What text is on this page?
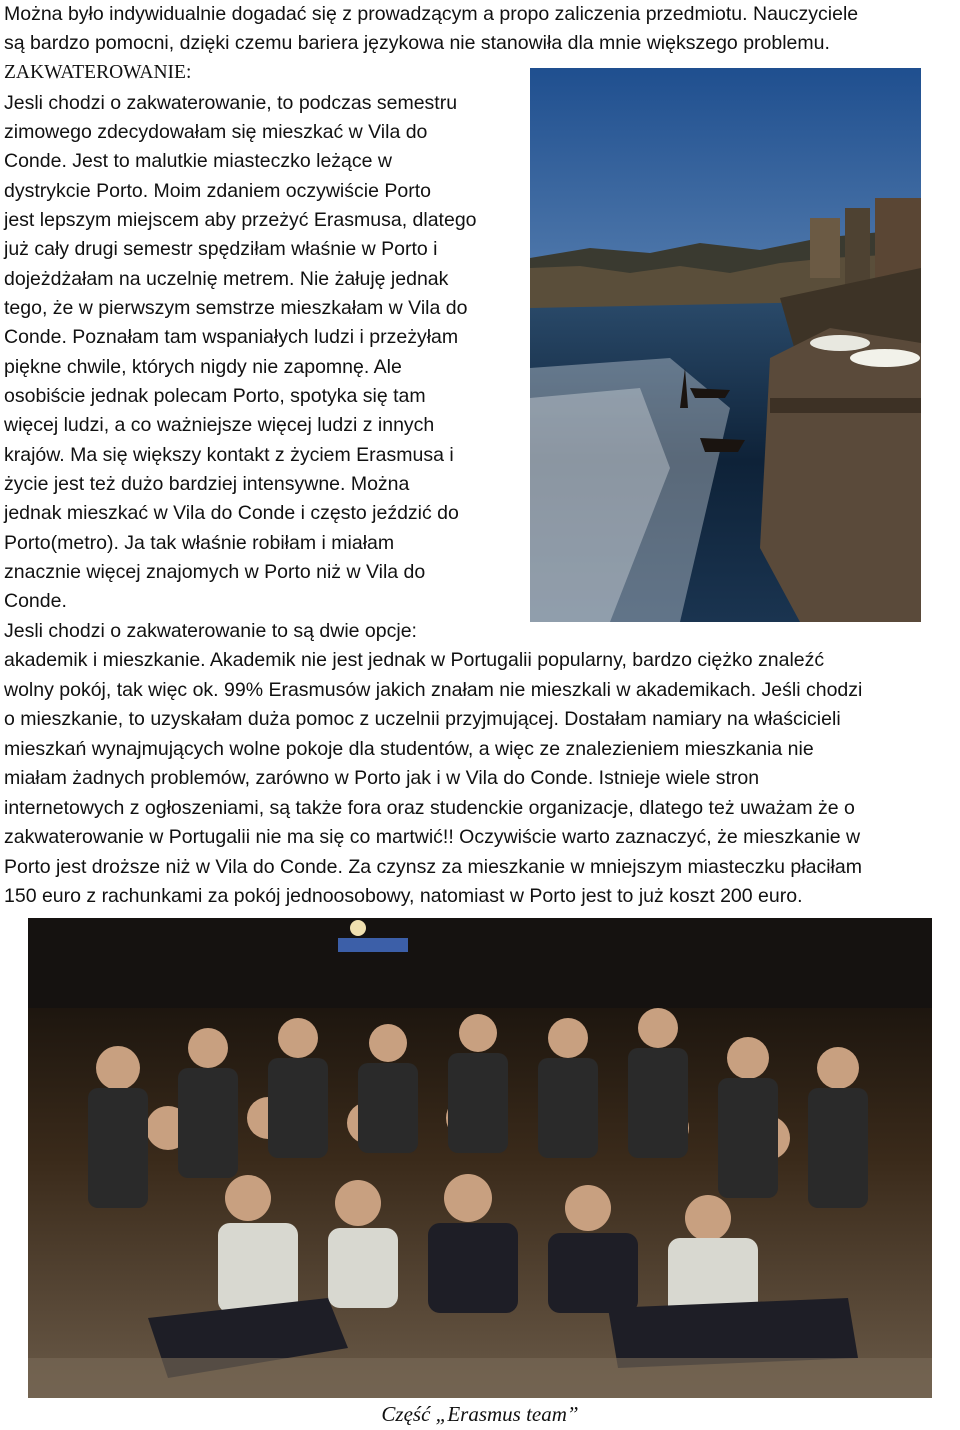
Można było indywidualnie dogadać się z prowadzącym a propo zaliczenia przedmiotu. Nauczyciele
są bardzo pomocni, dzięki czemu bariera językowa nie stanowiła dla mnie większego problemu.
ZAKWATEROWANIE:
Jesli chodzi o zakwaterowanie, to podczas semestru
zimowego zdecydowałam się mieszkać w Vila do
Conde. Jest to malutkie miasteczko leżące w
dystrykcie Porto. Moim zdaniem oczywiście Porto
jest lepszym miejscem aby przeżyć Erasmusa, dlatego
już cały drugi semestr spędziłam właśnie w Porto i
dojeżdżałam na uczelnię metrem. Nie żałuję jednak
tego, że w pierwszym semstrze mieszkałam w Vila do
Conde. Poznałam tam wspaniałych ludzi i przeżyłam
piękne chwile, których nigdy nie zapomnę. Ale
osobiście jednak polecam Porto, spotyka się tam
więcej ludzi, a co ważniejsze więcej ludzi z innych
krajów. Ma się większy kontakt z życiem Erasmusa i
życie jest też dużo bardziej intensywne. Można
jednak mieszkać w Vila do Conde i często jeździć do
Porto(metro). Ja tak właśnie robiłam i miałam
znacznie więcej znajomych w Porto niż w Vila do
Conde.
Jesli chodzi o zakwaterowanie to są dwie opcje:
akademik i mieszkanie. Akademik nie jest jednak w Portugalii popularny, bardzo ciężko znaleźć
wolny pokój, tak więc ok. 99% Erasmusów jakich znałam nie mieszkali w akademikach. Jeśli chodzi
o mieszkanie, to uzyskałam duża pomoc z uczelnii przyjmującej. Dostałam namiary na właścicieli
mieszkań wynajmujących wolne pokoje dla studentów, a więc ze znalezieniem mieszkania nie
miałam żadnych problemów, zarówno w Porto jak i w Vila do Conde. Istnieje wiele stron
internetowych z ogłoszeniami, są także fora oraz studenckie organizacje, dlatego też uważam że o
zakwaterowanie w Portugalii nie ma się co martwić!! Oczywiście warto zaznaczyć, że mieszkanie w
Porto jest droższe niż w Vila do Conde. Za czynsz za mieszkanie w mniejszym miasteczku płaciłam
150 euro z rachunkami za pokój jednoosobowy, natomiast w Porto jest to już koszt 200 euro.
Część „Erasmus team”
